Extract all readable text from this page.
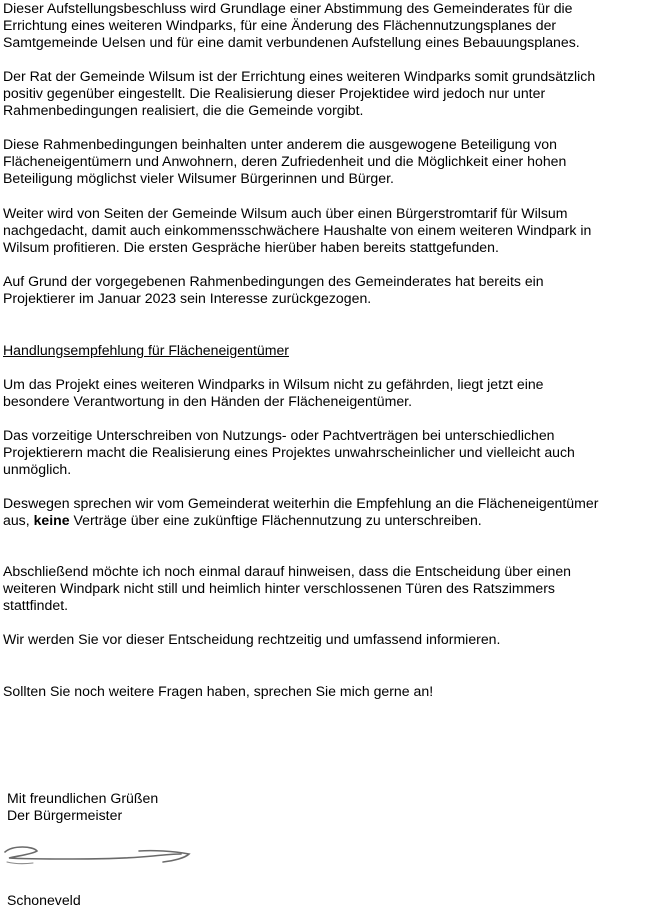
Dieser Aufstellungsbeschluss wird Grundlage einer Abstimmung des Gemeinderates für die
Errichtung eines weiteren Windparks, für eine Änderung des Flächennutzungsplanes der
Samtgemeinde Uelsen und für eine damit verbundenen Aufstellung eines Bebauungsplanes.

Der Rat der Gemeinde Wilsum ist der Errichtung eines weiteren Windparks somit grundsätzlich
positiv gegenüber eingestellt. Die Realisierung dieser Projektidee wird jedoch nur unter
Rahmenbedingungen realisiert, die die Gemeinde vorgibt.

Diese Rahmenbedingungen beinhalten unter anderem die ausgewogene Beteiligung von
Flächeneigentümern und Anwohnern, deren Zufriedenheit und die Möglichkeit einer hohen
Beteiligung möglichst vieler Wilsumer Bürgerinnen und Bürger.

Weiter wird von Seiten der Gemeinde Wilsum auch über einen Bürgerstromtarif für Wilsum
nachgedacht, damit auch einkommensschwächere Haushalte von einem weiteren Windpark in
Wilsum profitieren. Die ersten Gespräche hierüber haben bereits stattgefunden.

Auf Grund der vorgegebenen Rahmenbedingungen des Gemeinderates hat bereits ein
Projektierer im Januar 2023 sein Interesse zurückgezogen.

Handlungsempfehlung für Flächeneigentümer

Um das Projekt eines weiteren Windparks in Wilsum nicht zu gefährden, liegt jetzt eine
besondere Verantwortung in den Händen der Flächeneigentümer.

Das vorzeitige Unterschreiben von Nutzungs- oder Pachtverträgen bei unterschiedlichen
Projektierern macht die Realisierung eines Projektes unwahrscheinlicher und vielleicht auch
unmöglich.

Deswegen sprechen wir vom Gemeinderat weiterhin die Empfehlung an die Flächeneigentümer
aus, keine Verträge über eine zukünftige Flächennutzung zu unterschreiben.

Abschließend möchte ich noch einmal darauf hinweisen, dass die Entscheidung über einen
weiteren Windpark nicht still und heimlich hinter verschlossenen Türen des Ratszimmers
stattfindet.

Wir werden Sie vor dieser Entscheidung rechtzeitig und umfassend informieren.

Sollten Sie noch weitere Fragen haben, sprechen Sie mich gerne an!

Mit freundlichen Grüßen
Der Bürgermeister
Schoneveld
